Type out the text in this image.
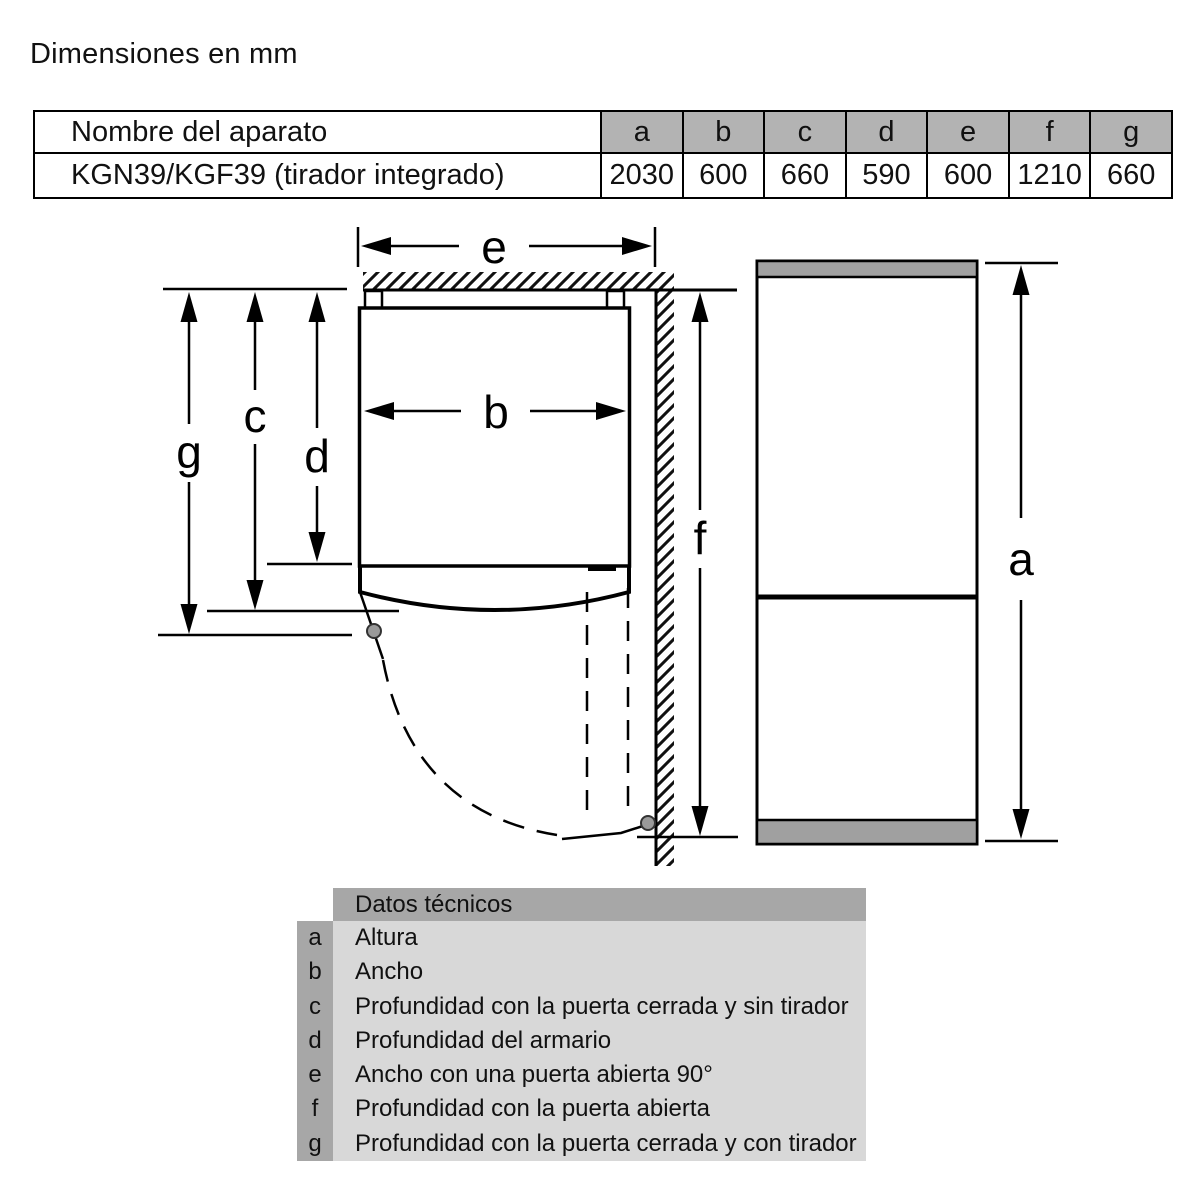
Dimensiones en mm
Nombre del aparato	a	b	c	d	e	f	g
KGN39/KGF39 (tirador integrado)	2030	600	660	590	600	1210	660
e
b
g
c
d
f	a
Datos técnicos
a	Altura
b	Ancho
c	Profundidad con la puerta cerrada y sin tirador
d	Profundidad del armario
e	Ancho con una puerta abierta 90°
f	Profundidad con la puerta abierta
g	Profundidad con la puerta cerrada y con tirador
